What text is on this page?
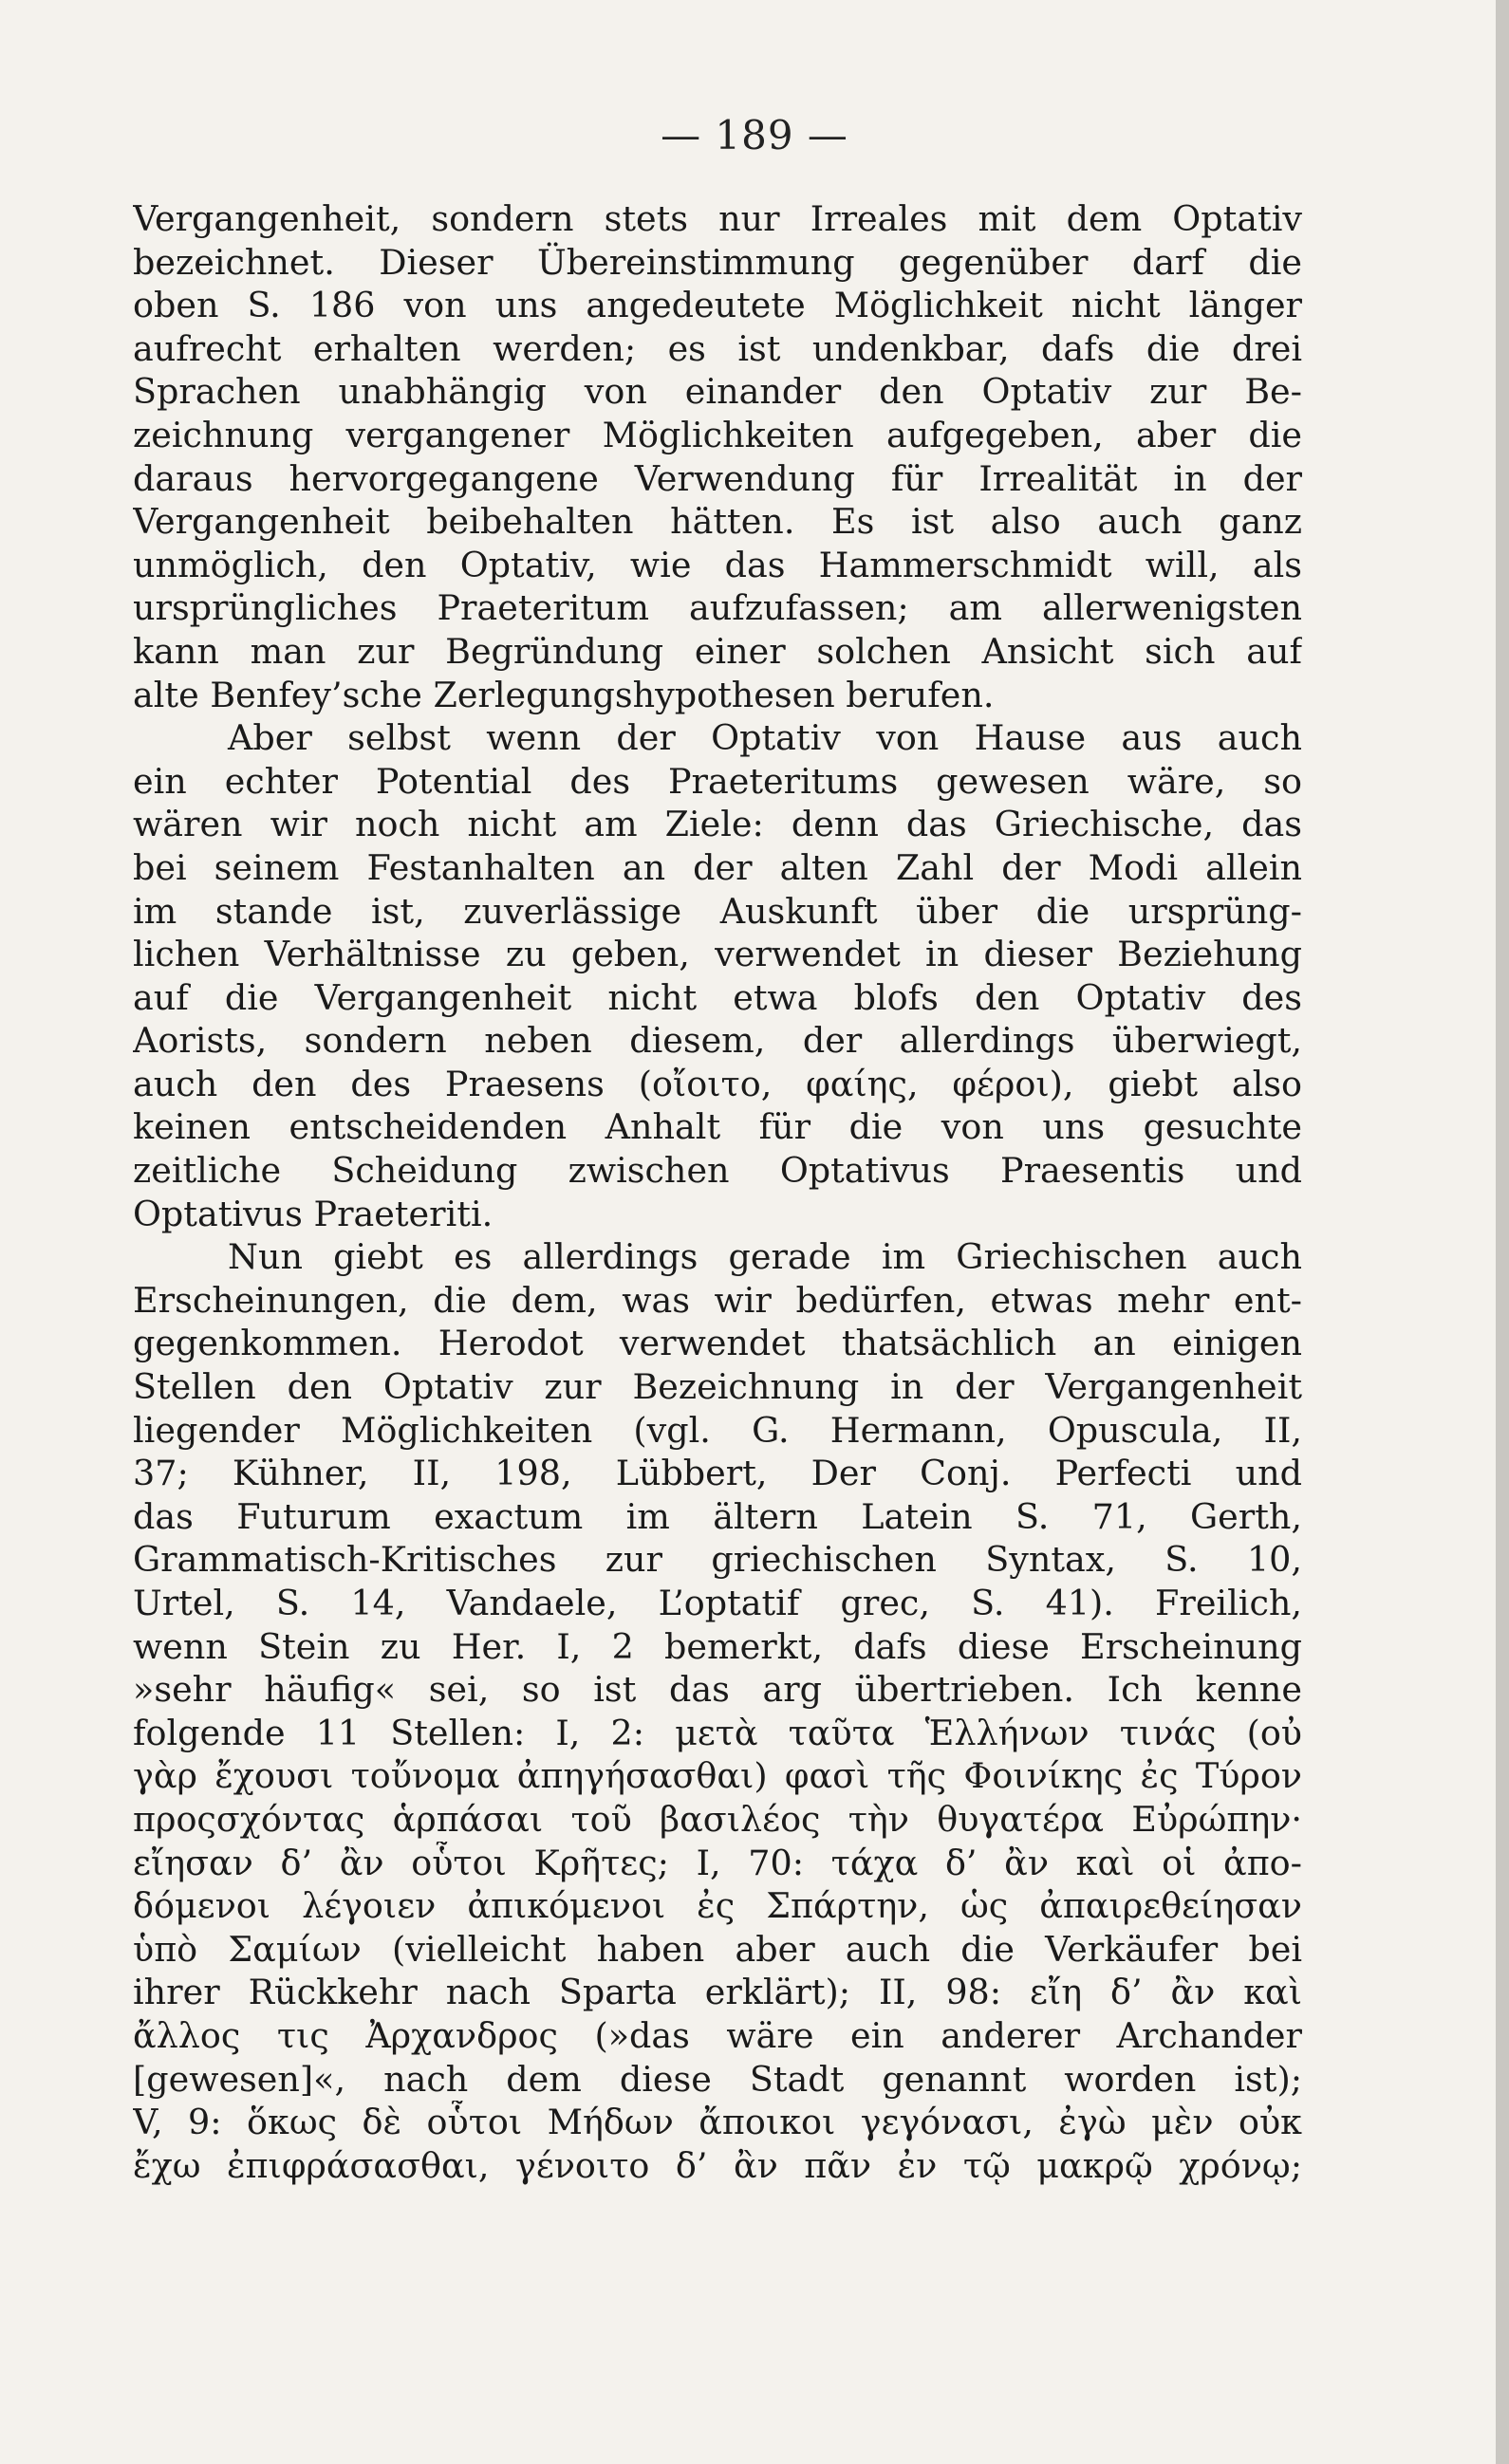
— 189 —
Vergangenheit, sondern stets nur Irreales mit dem Optativ
bezeichnet. Dieser Übereinstimmung gegenüber darf die
oben S. 186 von uns angedeutete Möglichkeit nicht länger
aufrecht erhalten werden; es ist undenkbar, dafs die drei
Sprachen unabhängig von einander den Optativ zur Be-
zeichnung vergangener Möglichkeiten aufgegeben, aber die
daraus hervorgegangene Verwendung für Irrealität in der
Vergangenheit beibehalten hätten. Es ist also auch ganz
unmöglich, den Optativ, wie das Hammerschmidt will, als
ursprüngliches Praeteritum aufzufassen; am allerwenigsten
kann man zur Begründung einer solchen Ansicht sich auf
alte Benfey’sche Zerlegungshypothesen berufen.
Aber selbst wenn der Optativ von Hause aus auch
ein echter Potential des Praeteritums gewesen wäre, so
wären wir noch nicht am Ziele: denn das Griechische, das
bei seinem Festanhalten an der alten Zahl der Modi allein
im stande ist, zuverlässige Auskunft über die ursprüng-
lichen Verhältnisse zu geben, verwendet in dieser Beziehung
auf die Vergangenheit nicht etwa blofs den Optativ des
Aorists, sondern neben diesem, der allerdings überwiegt,
auch den des Praesens (οἴοιτο, φαίης, φέροι), giebt also
keinen entscheidenden Anhalt für die von uns gesuchte
zeitliche Scheidung zwischen Optativus Praesentis und
Optativus Praeteriti.
Nun giebt es allerdings gerade im Griechischen auch
Erscheinungen, die dem, was wir bedürfen, etwas mehr ent-
gegenkommen. Herodot verwendet thatsächlich an einigen
Stellen den Optativ zur Bezeichnung in der Vergangenheit
liegender Möglichkeiten (vgl. G. Hermann, Opuscula, II,
37; Kühner, II, 198, Lübbert, Der Conj. Perfecti und
das Futurum exactum im ältern Latein S. 71, Gerth,
Grammatisch-Kritisches zur griechischen Syntax, S. 10,
Urtel, S. 14, Vandaele, L’optatif grec, S. 41). Freilich,
wenn Stein zu Her. I, 2 bemerkt, dafs diese Erscheinung
»sehr häufig« sei, so ist das arg übertrieben. Ich kenne
folgende 11 Stellen: I, 2: μετὰ ταῦτα Ἑλλήνων τινάς (οὐ
γὰρ ἔχουσι τοὔνομα ἀπηγήσασθαι) φασὶ τῆς Φοινίκης ἐς Τύρον
προςσχόντας ἁρπάσαι τοῦ βασιλέος τὴν θυγατέρα Εὐρώπην·
εἴησαν δ’ ἂν οὗτοι Κρῆτες; I, 70: τάχα δ’ ἂν καὶ οἱ ἀπο-
δόμενοι λέγοιεν ἀπικόμενοι ἐς Σπάρτην, ὡς ἀπαιρεθείησαν
ὑπὸ Σαμίων (vielleicht haben aber auch die Verkäufer bei
ihrer Rückkehr nach Sparta erklärt); II, 98: εἴη δ’ ἂν καὶ
ἄλλος τις Ἀρχανδρος (»das wäre ein anderer Archander
[gewesen]«, nach dem diese Stadt genannt worden ist);
V, 9: ὅκως δὲ οὗτοι Μήδων ἄποικοι γεγόνασι, ἐγὼ μὲν οὐκ
ἔχω ἐπιφράσασθαι, γένοιτο δ’ ἂν πᾶν ἐν τῷ μακρῷ χρόνῳ;
